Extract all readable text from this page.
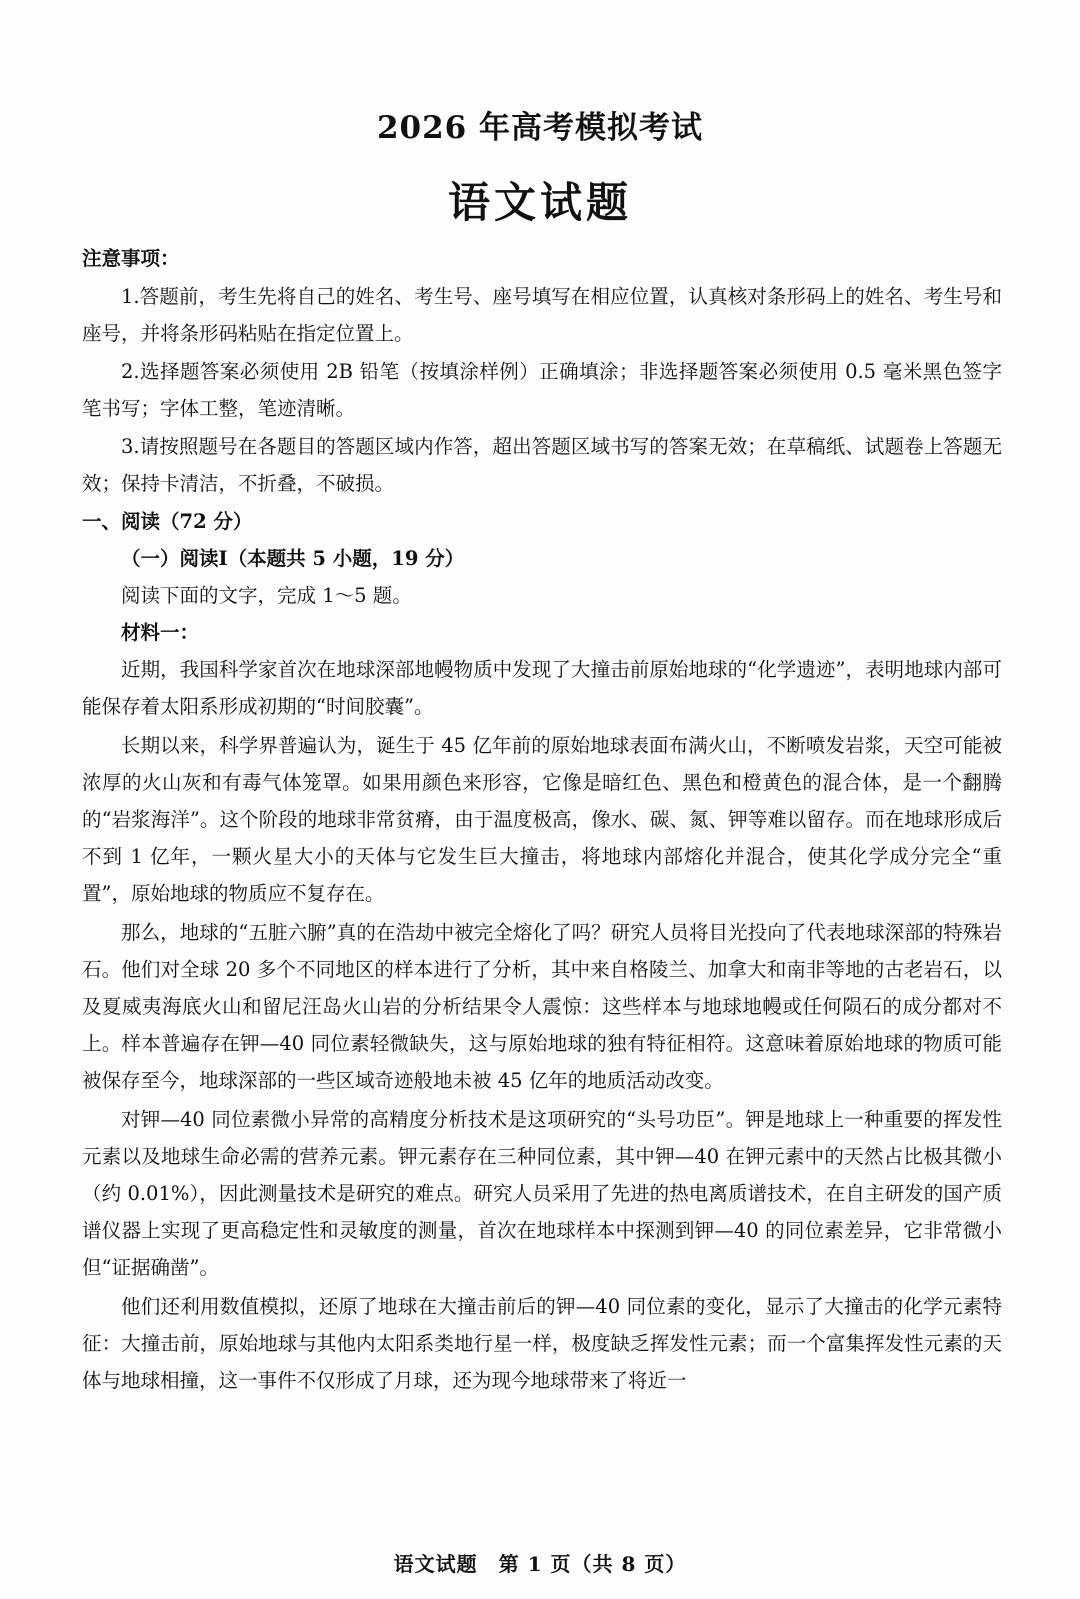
2026 年高考模拟考试
语文试题

注意事项：

1.答题前，考生先将自己的姓名、考生号、座号填写在相应位置，认真核对条形码上的姓名、考生号和座号，并将条形码粘贴在指定位置上。

2.选择题答案必须使用 2B 铅笔（按填涂样例）正确填涂；非选择题答案必须使用 0.5 毫米黑色签字笔书写；字体工整，笔迹清晰。

3.请按照题号在各题目的答题区域内作答，超出答题区域书写的答案无效；在草稿纸、试题卷上答题无效；保持卡清洁，不折叠，不破损。

一、阅读（72 分）

（一）阅读Ⅰ（本题共 5 小题，19 分）

阅读下面的文字，完成 1～5 题。

材料一：

近期，我国科学家首次在地球深部地幔物质中发现了大撞击前原始地球的“化学遗迹”，表明地球内部可能保存着太阳系形成初期的“时间胶囊”。

长期以来，科学界普遍认为，诞生于 45 亿年前的原始地球表面布满火山，不断喷发岩浆，天空可能被浓厚的火山灰和有毒气体笼罩。如果用颜色来形容，它像是暗红色、黑色和橙黄色的混合体，是一个翻腾的“岩浆海洋”。这个阶段的地球非常贫瘠，由于温度极高，像水、碳、氮、钾等难以留存。而在地球形成后不到 1 亿年，一颗火星大小的天体与它发生巨大撞击，将地球内部熔化并混合，使其化学成分完全“重置”，原始地球的物质应不复存在。

那么，地球的“五脏六腑”真的在浩劫中被完全熔化了吗？研究人员将目光投向了代表地球深部的特殊岩石。他们对全球 20 多个不同地区的样本进行了分析，其中来自格陵兰、加拿大和南非等地的古老岩石，以及夏威夷海底火山和留尼汪岛火山岩的分析结果令人震惊：这些样本与地球地幔或任何陨石的成分都对不上。样本普遍存在钾—40 同位素轻微缺失，这与原始地球的独有特征相符。这意味着原始地球的物质可能被保存至今，地球深部的一些区域奇迹般地未被 45 亿年的地质活动改变。

对钾—40 同位素微小异常的高精度分析技术是这项研究的“头号功臣”。钾是地球上一种重要的挥发性元素以及地球生命必需的营养元素。钾元素存在三种同位素，其中钾—40 在钾元素中的天然占比极其微小（约 0.01%），因此测量技术是研究的难点。研究人员采用了先进的热电离质谱技术，在自主研发的国产质谱仪器上实现了更高稳定性和灵敏度的测量，首次在地球样本中探测到钾—40 的同位素差异，它非常微小但“证据确凿”。

他们还利用数值模拟，还原了地球在大撞击前后的钾—40 同位素的变化，显示了大撞击的化学元素特征：大撞击前，原始地球与其他内太阳系类地行星一样，极度缺乏挥发性元素；而一个富集挥发性元素的天体与地球相撞，这一事件不仅形成了月球，还为现今地球带来了将近一

语文试题　第 1 页（共 8 页）
